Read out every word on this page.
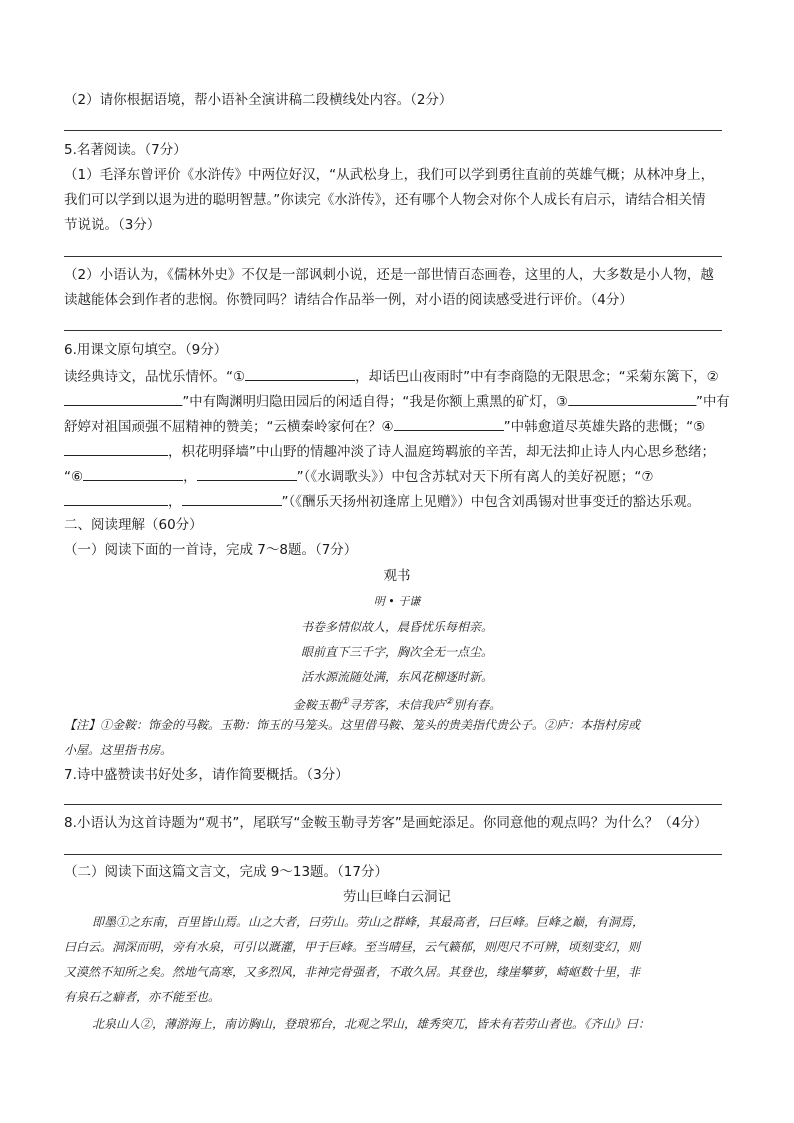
（2）请你根据语境，帮小语补全演讲稿二段横线处内容。（2分）
5.名著阅读。（7分）
（1）毛泽东曾评价《水浒传》中两位好汉，“从武松身上，我们可以学到勇往直前的英雄气概；从林冲身上，
我们可以学到以退为进的聪明智慧。”你读完《水浒传》，还有哪个人物会对你个人成长有启示，请结合相关情
节说说。（3分）
（2）小语认为，《儒林外史》不仅是一部讽刺小说，还是一部世情百态画卷，这里的人，大多数是小人物，越
读越能体会到作者的悲悯。你赞同吗？请结合作品举一例，对小语的阅读感受进行评价。（4分）
6.用课文原句填空。（9分）
读经典诗文，品忧乐情怀。“①	，却话巴山夜雨时”中有李商隐的无限思念；“采菊东篱下，②
”中有陶渊明归隐田园后的闲适自得；“我是你额上熏黑的矿灯，③	”中有
舒婷对祖国顽强不屈精神的赞美；“云横秦岭家何在？④	”中韩愈道尽英雄失路的悲慨；“⑤
，枳花明驿墙”中山野的情趣冲淡了诗人温庭筠羁旅的辛苦，却无法抑止诗人内心思乡愁绪；
“⑥	，	”（《水调歌头》）中包含苏轼对天下所有离人的美好祝愿；“⑦
，	”（《酬乐天扬州初逢席上见赠》）中包含刘禹锡对世事变迁的豁达乐观。
二、阅读理解（60分）
（一）阅读下面的一首诗，完成 7～8题。（7分）
观书
明 • 于谦
书卷多情似故人，晨昏忧乐每相亲。
眼前直下三千字，胸次全无一点尘。
活水源流随处满，东风花柳逐时新。
金鞍玉勒①寻芳客，未信我庐②别有春。
【注】①金鞍：饰金的马鞍。玉勒：饰玉的马笼头。这里借马鞍、笼头的贵美指代贵公子。②庐：本指村房或
小屋。这里指书房。
7.诗中盛赞读书好处多，请作简要概括。（3分）
8.小语认为这首诗题为“观书”，尾联写“金鞍玉勒寻芳客”是画蛇添足。你同意他的观点吗？为什么？（4分）
（二）阅读下面这篇文言文，完成 9～13题。（17分）
劳山巨峰白云洞记
即墨①之东南，百里皆山焉。山之大者，曰劳山。劳山之群峰，其最高者，曰巨峰。巨峰之巅，有洞焉，
曰白云。洞深而明，旁有水泉，可引以溉灌，甲于巨峰。至当晴昼，云气籁郁，则咫尺不可辨，顷刻变幻，则
又漠然不知所之矣。然地气高寒，又多烈风，非神完骨强者，不敢久居。其登也，缘崖攀萝，崎岖数十里，非
有泉石之癖者，亦不能至也。
北泉山人②，薄游海上，南访胸山，登琅邪台，北观之罘山，雄秀突兀，皆未有若劳山者也。《齐山》曰：
